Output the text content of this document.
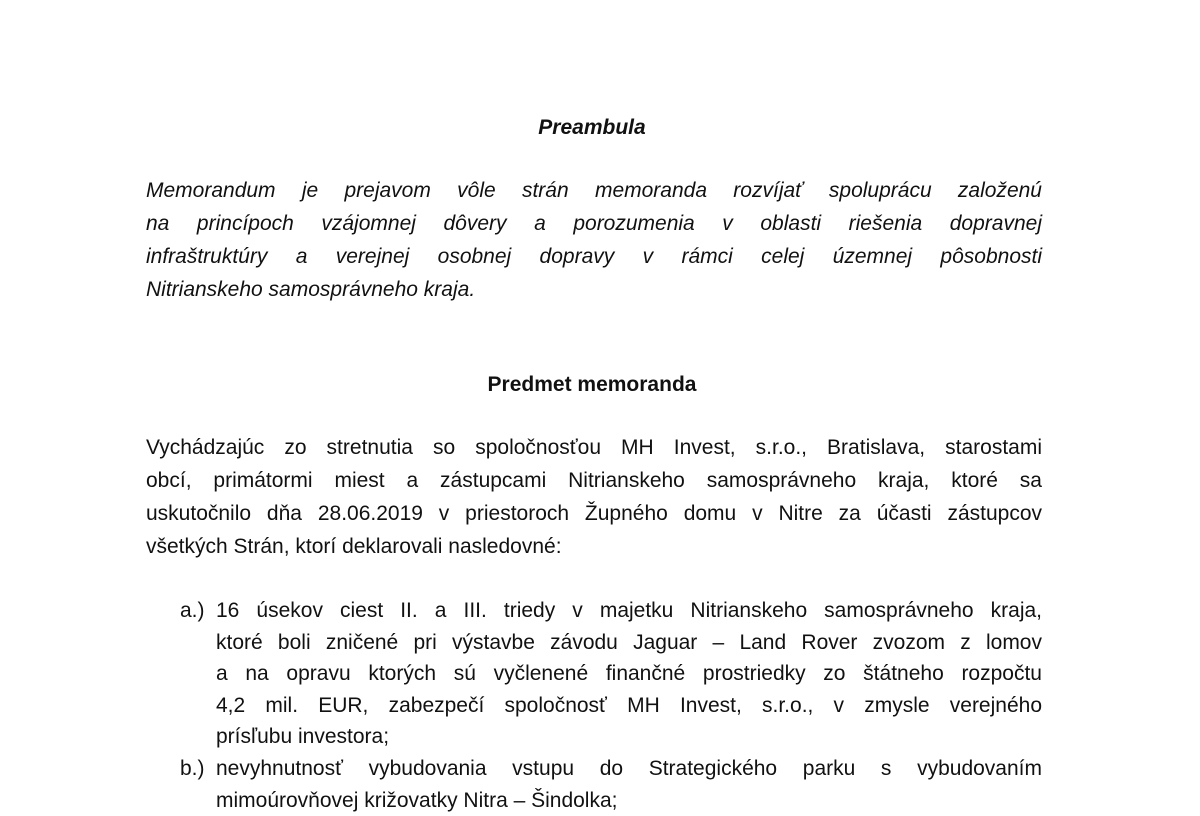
Preambula

Memorandum je prejavom vôle strán memoranda rozvíjať spoluprácu založenú
na princípoch vzájomnej dôvery a porozumenia v oblasti riešenia dopravnej
infraštruktúry a verejnej osobnej dopravy v rámci celej územnej pôsobnosti
Nitrianskeho samosprávneho kraja.

Predmet memoranda

Vychádzajúc zo stretnutia so spoločnosťou MH Invest, s.r.o., Bratislava, starostami
obcí, primátormi miest a zástupcami Nitrianskeho samosprávneho kraja, ktoré sa
uskutočnilo dňa 28.06.2019 v priestoroch Župného domu v Nitre za účasti zástupcov
všetkých Strán, ktorí deklarovali nasledovné:

a.) 16 úsekov ciest II. a III. triedy v majetku Nitrianskeho samosprávneho kraja,
ktoré boli zničené pri výstavbe závodu Jaguar – Land Rover zvozom z lomov
a na opravu ktorých sú vyčlenené finančné prostriedky zo štátneho rozpočtu
4,2 mil. EUR, zabezpečí spoločnosť MH Invest, s.r.o., v zmysle verejného
prísľubu investora;
b.) nevyhnutnosť vybudovania vstupu do Strategického parku s vybudovaním
mimoúrovňovej križovatky Nitra – Šindolka;
